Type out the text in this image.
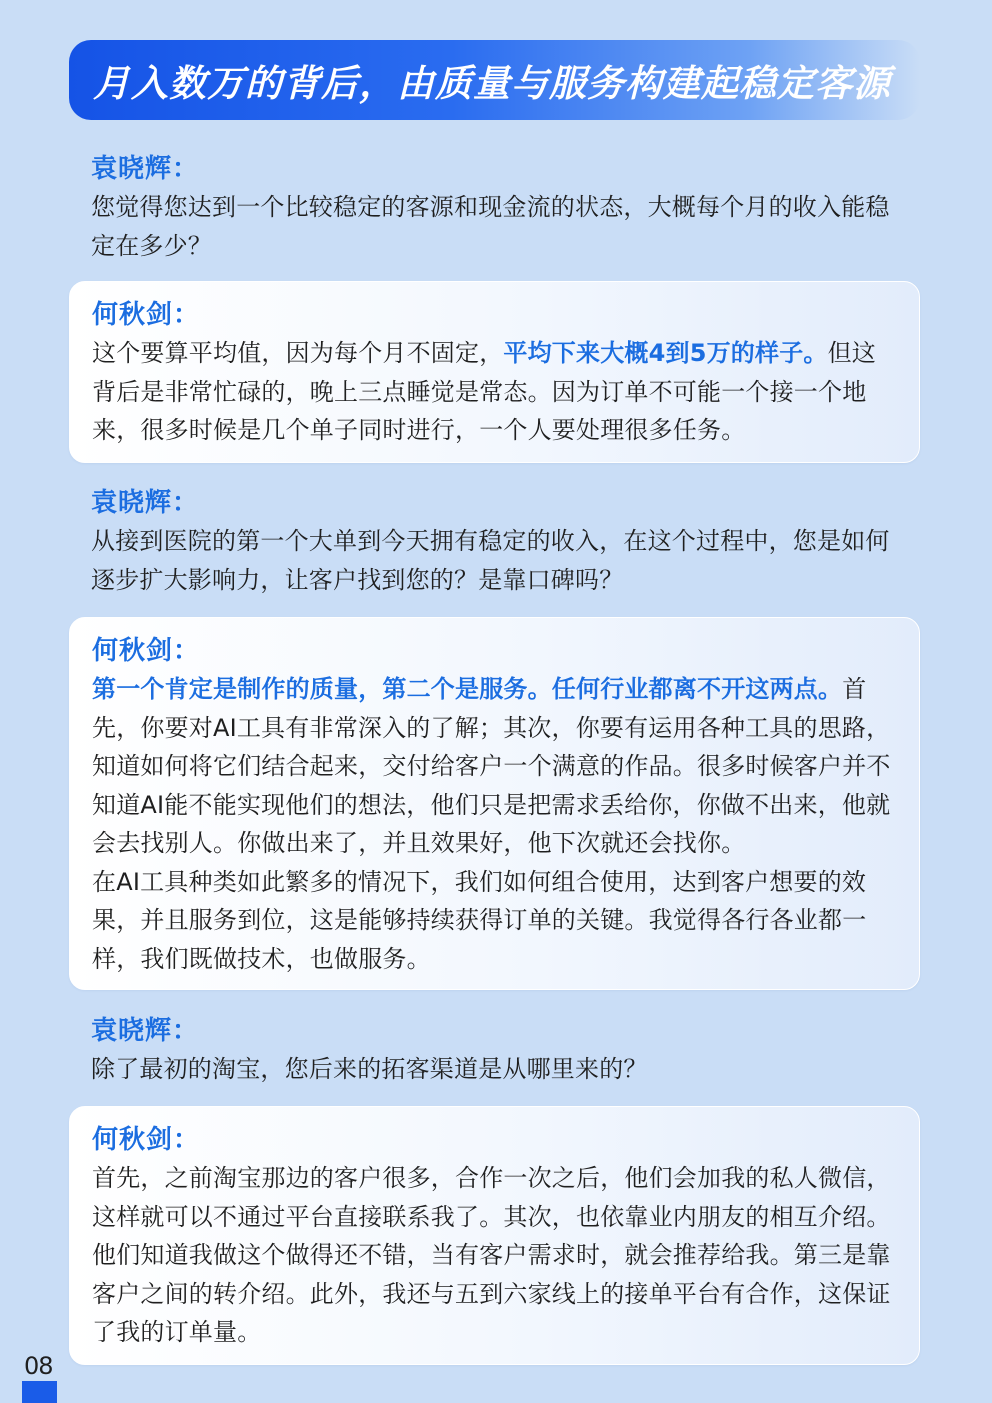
月入数万的背后，由质量与服务构建起稳定客源
袁晓辉：

您觉得您达到一个比较稳定的客源和现金流的状态，大概每个月的收入能稳定在多少？

何秋剑：

这个要算平均值，因为每个月不固定，平均下来大概4到5万的样子。但这背后是非常忙碌的，晚上三点睡觉是常态。因为订单不可能一个接一个地来，很多时候是几个单子同时进行，一个人要处理很多任务。

袁晓辉：

从接到医院的第一个大单到今天拥有稳定的收入，在这个过程中，您是如何逐步扩大影响力，让客户找到您的？是靠口碑吗？

何秋剑：

第一个肯定是制作的质量，第二个是服务。任何行业都离不开这两点。首先，你要对AI工具有非常深入的了解；其次，你要有运用各种工具的思路，知道如何将它们结合起来，交付给客户一个满意的作品。很多时候客户并不知道AI能不能实现他们的想法，他们只是把需求丢给你，你做不出来，他就会去找别人。你做出来了，并且效果好，他下次就还会找你。

在AI工具种类如此繁多的情况下，我们如何组合使用，达到客户想要的效果，并且服务到位，这是能够持续获得订单的关键。我觉得各行各业都一样，我们既做技术，也做服务。

袁晓辉：

除了最初的淘宝，您后来的拓客渠道是从哪里来的？

何秋剑：

首先，之前淘宝那边的客户很多，合作一次之后，他们会加我的私人微信，这样就可以不通过平台直接联系我了。其次，也依靠业内朋友的相互介绍。他们知道我做这个做得还不错，当有客户需求时，就会推荐给我。第三是靠客户之间的转介绍。此外，我还与五到六家线上的接单平台有合作，这保证了我的订单量。

08
